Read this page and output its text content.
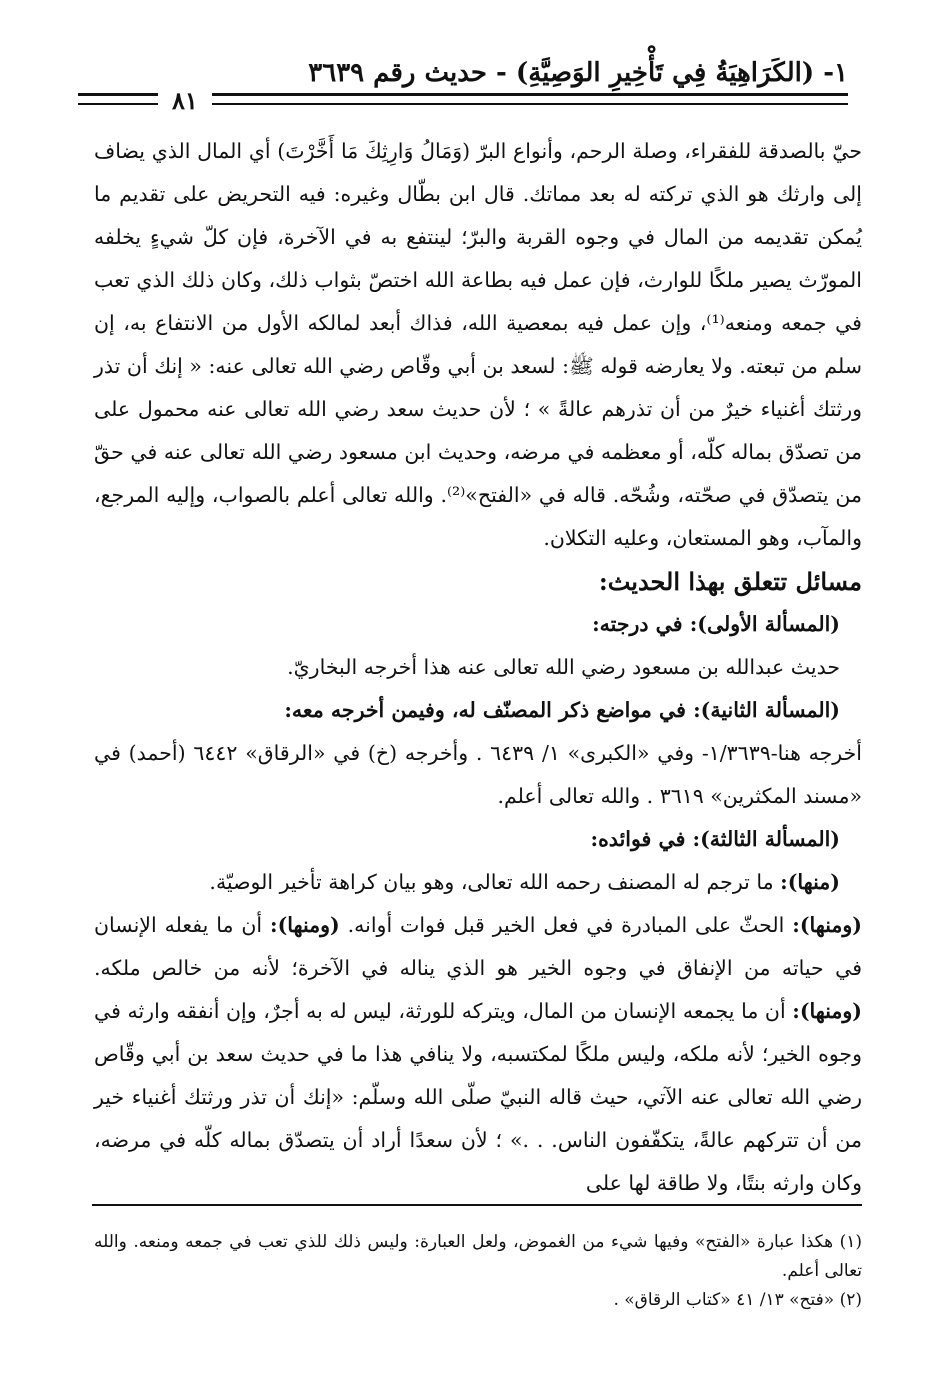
١- (الكَرَاهِيَةُ فِي تَأْخِيرِ الوَصِيَّةِ) - حديث رقم ٣٦٣٩
٨١

حيّ بالصدقة للفقراء، وصلة الرحم، وأنواع البرّ (وَمَالُ وَارِثِكَ مَا أَخَّرْتَ) أي المال الذي يضاف إلى وارثك هو الذي تركته له بعد مماتك. قال ابن بطّال وغيره: فيه التحريض على تقديم ما يُمكن تقديمه من المال في وجوه القربة والبرّ؛ لينتفع به في الآخرة، فإن كلّ شيءٍ يخلفه المورّث يصير ملكًا للوارث، فإن عمل فيه بطاعة الله اختصّ بثواب ذلك، وكان ذلك الذي تعب في جمعه ومنعه⁽¹⁾، وإن عمل فيه بمعصية الله، فذاك أبعد لمالكه الأول من الانتفاع به، إن سلم من تبعته. ولا يعارضه قوله ﷺ: لسعد بن أبي وقّاص رضي الله تعالى عنه: « إنك أن تذر ورثتك أغنياء خيرٌ من أن تذرهم عالةً » ؛ لأن حديث سعد رضي الله تعالى عنه محمول على من تصدّق بماله كلّه، أو معظمه في مرضه، وحديث ابن مسعود رضي الله تعالى عنه في حقّ من يتصدّق في صحّته، وشُحّه. قاله في «الفتح»⁽²⁾. والله تعالى أعلم بالصواب، وإليه المرجع، والمآب، وهو المستعان، وعليه التكلان.

مسائل تتعلق بهذا الحديث:

(المسألة الأولى): في درجته:

حديث عبدالله بن مسعود رضي الله تعالى عنه هذا أخرجه البخاريّ.

(المسألة الثانية): في مواضع ذكر المصنّف له، وفيمن أخرجه معه:

أخرجه هنا-١/٣٦٣٩- وفي «الكبرى» ١/ ٦٤٣٩ . وأخرجه (خ) في «الرقاق» ٦٤٤٢ (أحمد) في «مسند المكثرين» ٣٦١٩ . والله تعالى أعلم.

(المسألة الثالثة): في فوائده:

(منها): ما ترجم له المصنف رحمه الله تعالى، وهو بيان كراهة تأخير الوصيّة.

(ومنها): الحثّ على المبادرة في فعل الخير قبل فوات أوانه. (ومنها): أن ما يفعله الإنسان في حياته من الإنفاق في وجوه الخير هو الذي يناله في الآخرة؛ لأنه من خالص ملكه. (ومنها): أن ما يجمعه الإنسان من المال، ويتركه للورثة، ليس له به أجرٌ، وإن أنفقه وارثه في وجوه الخير؛ لأنه ملكه، وليس ملكًا لمكتسبه، ولا ينافي هذا ما في حديث سعد بن أبي وقّاص رضي الله تعالى عنه الآتي، حيث قاله النبيّ صلّى الله وسلّم: «إنك أن تذر ورثتك أغنياء خير من أن تتركهم عالةً، يتكفّفون الناس. . .» ؛ لأن سعدًا أراد أن يتصدّق بماله كلّه في مرضه، وكان وارثه بنتًا، ولا طاقة لها على

(١) هكذا عبارة «الفتح» وفيها شيء من الغموض، ولعل العبارة: وليس ذلك للذي تعب في جمعه ومنعه. والله تعالى أعلم.

(٢) «فتح» ١٣/ ٤١ «كتاب الرقاق» .
